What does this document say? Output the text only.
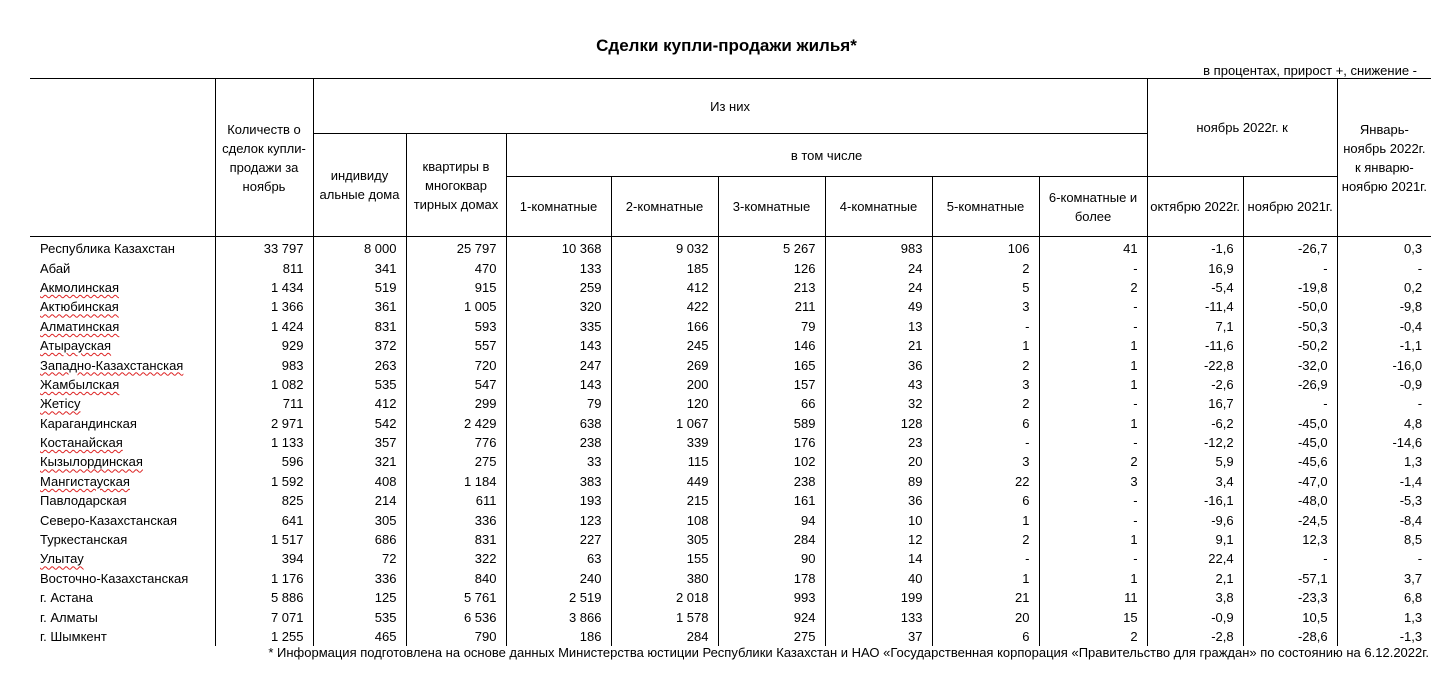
Сделки купли-продажи жилья*
в процентах, прирост +, снижение -
	Количеств о сделок купли-продажи за ноябрь	Из них								ноябрь 2022г. к		Январь-ноябрь 2022г. к январю-ноябрю 2021г.
		индивиду альные дома	квартиры в многоквар тирных домах	в том числе								
				1-комнатные	2-комнатные	3-комнатные	4-комнатные	5-комнатные	6-комнатные и более	октябрю 2022г.	ноябрю 2021г.	
Республика Казахстан	33 797	8 000	25 797	10 368	9 032	5 267	983	106	41	-1,6	-26,7	0,3
Абай	811	341	470	133	185	126	24	2	-	16,9	-	-
Акмолинская	1 434	519	915	259	412	213	24	5	2	-5,4	-19,8	0,2
Актюбинская	1 366	361	1 005	320	422	211	49	3	-	-11,4	-50,0	-9,8
Алматинская	1 424	831	593	335	166	79	13	-	-	7,1	-50,3	-0,4
Атырауская	929	372	557	143	245	146	21	1	1	-11,6	-50,2	-1,1
Западно-Казахстанская	983	263	720	247	269	165	36	2	1	-22,8	-32,0	-16,0
Жамбылская	1 082	535	547	143	200	157	43	3	1	-2,6	-26,9	-0,9
Жетісу	711	412	299	79	120	66	32	2	-	16,7	-	-
Карагандинская	2 971	542	2 429	638	1 067	589	128	6	1	-6,2	-45,0	4,8
Костанайская	1 133	357	776	238	339	176	23	-	-	-12,2	-45,0	-14,6
Кызылординская	596	321	275	33	115	102	20	3	2	5,9	-45,6	1,3
Мангистауская	1 592	408	1 184	383	449	238	89	22	3	3,4	-47,0	-1,4
Павлодарская	825	214	611	193	215	161	36	6	-	-16,1	-48,0	-5,3
Северо-Казахстанская	641	305	336	123	108	94	10	1	-	-9,6	-24,5	-8,4
Туркестанская	1 517	686	831	227	305	284	12	2	1	9,1	12,3	8,5
Улытау	394	72	322	63	155	90	14	-	-	22,4	-	-
Восточно-Казахстанская	1 176	336	840	240	380	178	40	1	1	2,1	-57,1	3,7
г. Астана	5 886	125	5 761	2 519	2 018	993	199	21	11	3,8	-23,3	6,8
г. Алматы	7 071	535	6 536	3 866	1 578	924	133	20	15	-0,9	10,5	1,3
г. Шымкент	1 255	465	790	186	284	275	37	6	2	-2,8	-28,6	-1,3
* Информация подготовлена на основе данных Министерства юстиции Республики Казахстан и НАО «Государственная корпорация «Правительство для граждан» по состоянию на 6.12.2022г.
